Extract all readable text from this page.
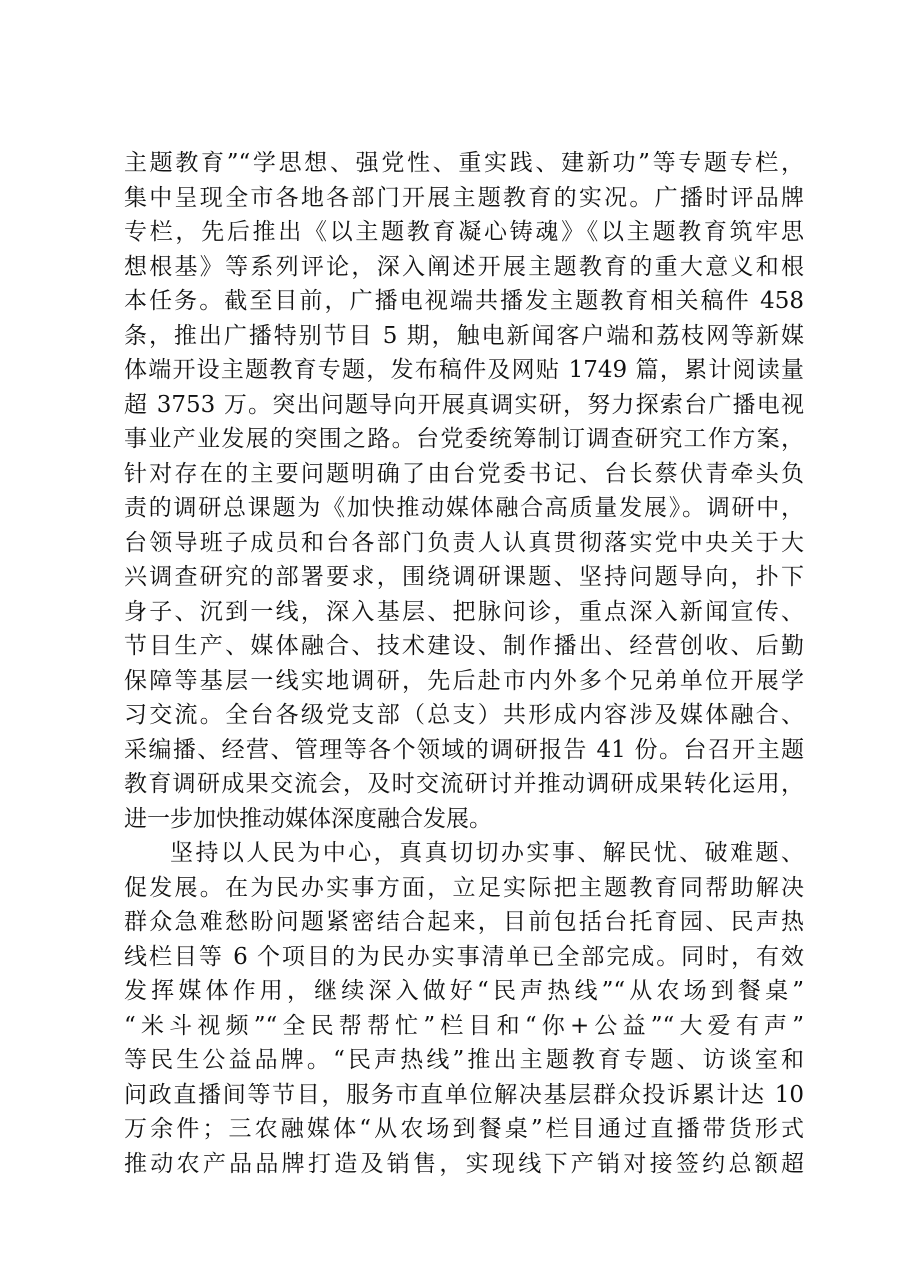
主题教育”“学思想、强党性、重实践、建新功”等专题专栏，
集中呈现全市各地各部门开展主题教育的实况。广播时评品牌
专栏，先后推出《以主题教育凝心铸魂》《以主题教育筑牢思
想根基》等系列评论，深入阐述开展主题教育的重大意义和根
本任务。截至目前，广播电视端共播发主题教育相关稿件 458
条，推出广播特别节目 5 期，触电新闻客户端和荔枝网等新媒
体端开设主题教育专题，发布稿件及网贴 1749 篇，累计阅读量
超 3753 万。突出问题导向开展真调实研，努力探索台广播电视
事业产业发展的突围之路。台党委统筹制订调查研究工作方案，
针对存在的主要问题明确了由台党委书记、台长蔡伏青牵头负
责的调研总课题为《加快推动媒体融合高质量发展》。调研中，
台领导班子成员和台各部门负责人认真贯彻落实党中央关于大
兴调查研究的部署要求，围绕调研课题、坚持问题导向，扑下
身子、沉到一线，深入基层、把脉问诊，重点深入新闻宣传、
节目生产、媒体融合、技术建设、制作播出、经营创收、后勤
保障等基层一线实地调研，先后赴市内外多个兄弟单位开展学
习交流。全台各级党支部（总支）共形成内容涉及媒体融合、
采编播、经营、管理等各个领域的调研报告 41 份。台召开主题
教育调研成果交流会，及时交流研讨并推动调研成果转化运用，
进一步加快推动媒体深度融合发展。
坚持以人民为中心，真真切切办实事、解民忧、破难题、
促发展。在为民办实事方面，立足实际把主题教育同帮助解决
群众急难愁盼问题紧密结合起来，目前包括台托育园、民声热
线栏目等 6 个项目的为民办实事清单已全部完成。同时，有效
发挥媒体作用，继续深入做好“民声热线”“从农场到餐桌”
“米斗视频”“全民帮帮忙”栏目和“你+公益”“大爱有声”
等民生公益品牌。“民声热线”推出主题教育专题、访谈室和
问政直播间等节目，服务市直单位解决基层群众投诉累计达 10
万余件；三农融媒体“从农场到餐桌”栏目通过直播带货形式
推动农产品品牌打造及销售，实现线下产销对接签约总额超
